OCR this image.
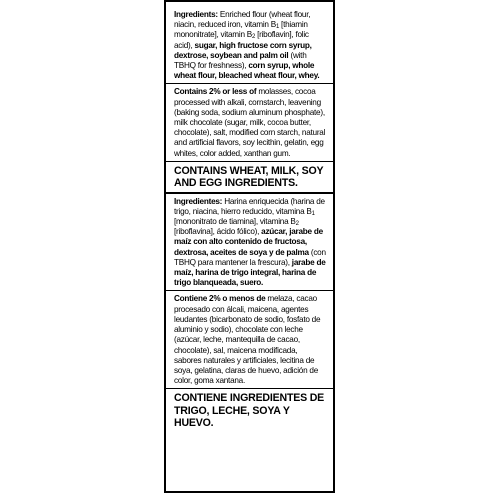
Ingredients: Enriched flour (wheat flour, niacin, reduced iron, vitamin $B_1$ [thiamin mononitrate], vitamin $B_2$ [riboflavin], folic acid), sugar, high fructose corn syrup, dextrose, soybean and palm oil (with TBHQ for freshness), corn syrup, whole wheat flour, bleached wheat flour, whey.

Contains 2% or less of molasses, cocoa processed with alkali, cornstarch, leavening (baking soda, sodium aluminum phosphate), milk chocolate (sugar, milk, cocoa butter, chocolate), salt, modified corn starch, natural and artificial flavors, soy lecithin, gelatin, egg whites, color added, xanthan gum.

CONTAINS WHEAT, MILK, SOY AND EGG INGREDIENTS.

Ingredientes: Harina enriquecida (harina de trigo, niacina, hierro reducido, vitamina $B_1$ [mononitrato de tiamina], vitamina $B_2$ [riboflavina], ácido fólico), azúcar, jarabe de maíz con alto contenido de fructosa, dextrosa, aceites de soya y de palma (con TBHQ para mantener la frescura), jarabe de maíz, harina de trigo integral, harina de trigo blanqueada, suero.

Contiene 2% o menos de melaza, cacao procesado con álcali, maicena, agentes leudantes (bicarbonato de sodio, fosfato de aluminio y sodio), chocolate con leche (azúcar, leche, mantequilla de cacao, chocolate), sal, maicena modificada, sabores naturales y artificiales, lecitina de soya, gelatina, claras de huevo, adición de color, goma xantana.

CONTIENE INGREDIENTES DE TRIGO, LECHE, SOYA Y HUEVO.
